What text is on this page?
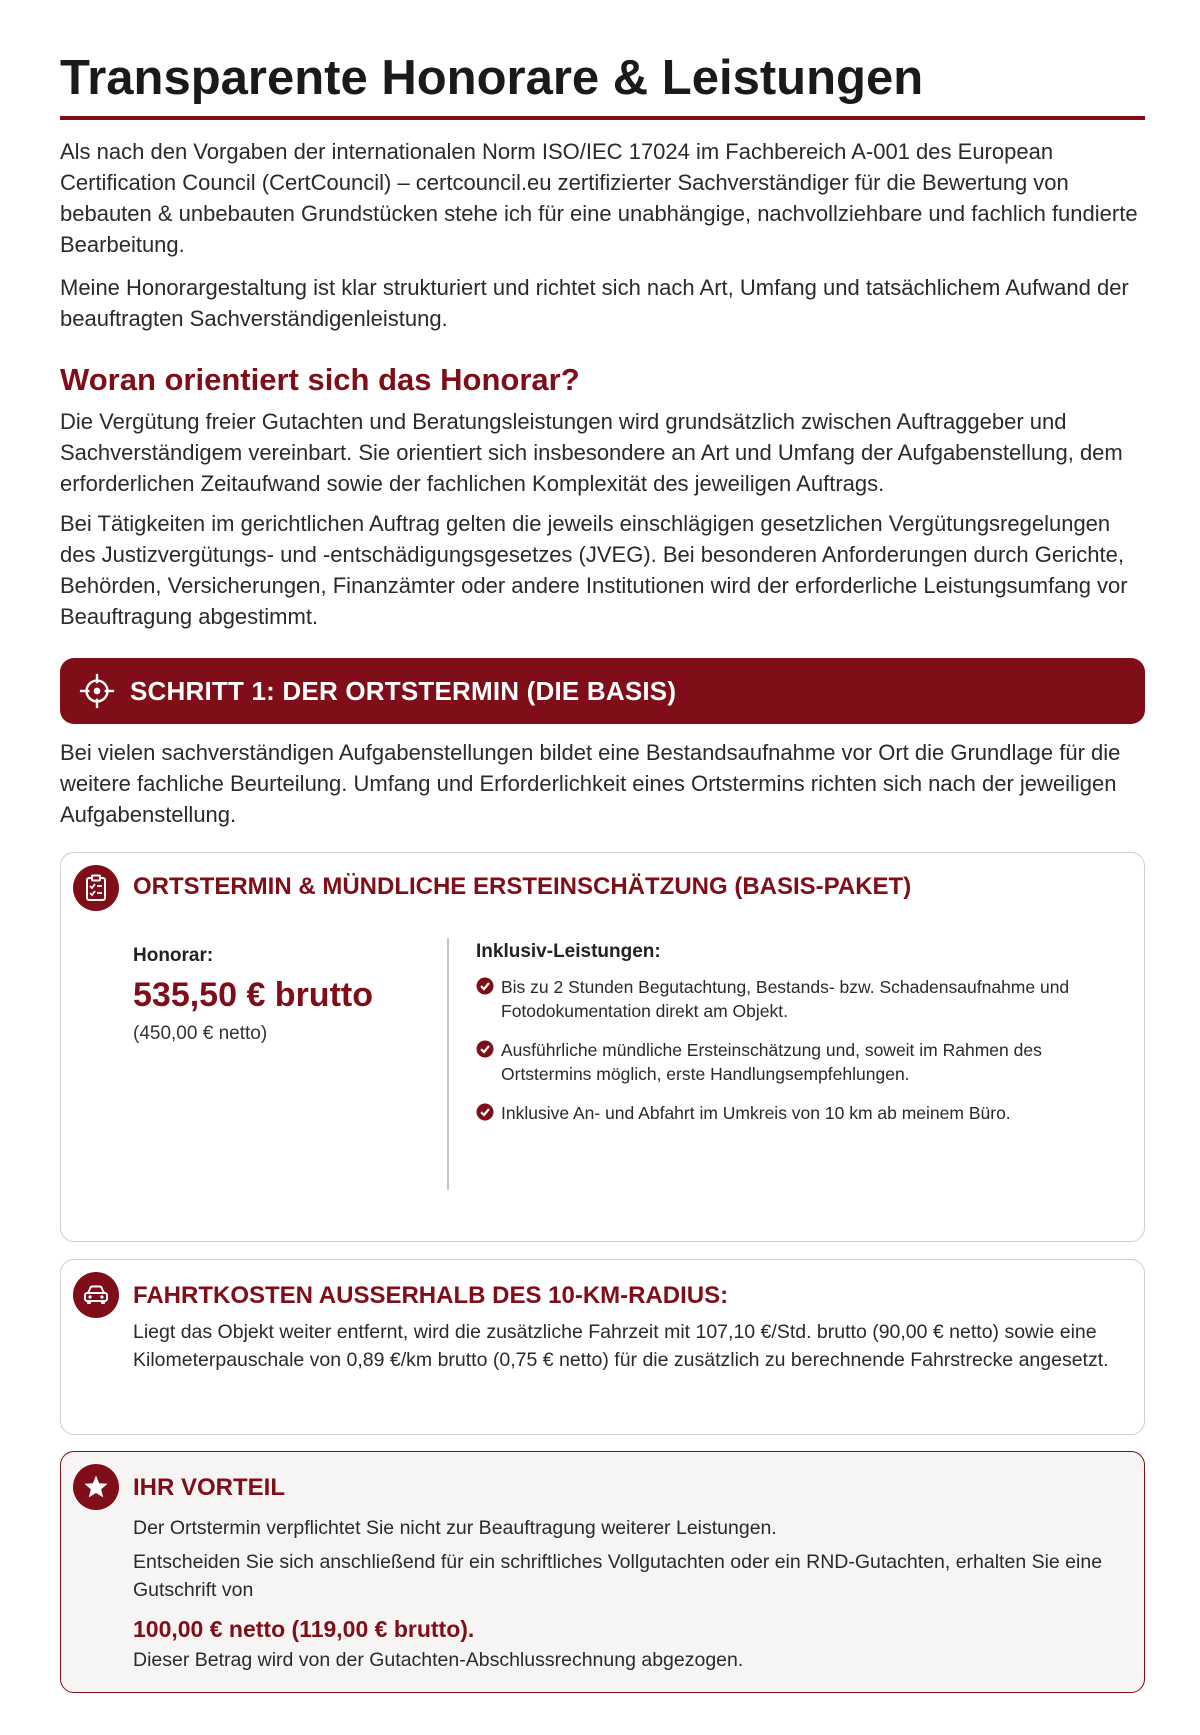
Transparente Honorare & Leistungen

Als nach den Vorgaben der internationalen Norm ISO/IEC 17024 im Fachbereich A-001 des European Certification Council (CertCouncil) – certcouncil.eu zertifizierter Sachverständiger für die Bewertung von bebauten & unbebauten Grundstücken stehe ich für eine unabhängige, nachvollziehbare und fachlich fundierte Bearbeitung.

Meine Honorargestaltung ist klar strukturiert und richtet sich nach Art, Umfang und tatsächlichem Aufwand der beauftragten Sachverständigenleistung.

Woran orientiert sich das Honorar?

Die Vergütung freier Gutachten und Beratungsleistungen wird grundsätzlich zwischen Auftraggeber und Sachverständigem vereinbart. Sie orientiert sich insbesondere an Art und Umfang der Aufgabenstellung, dem erforderlichen Zeitaufwand sowie der fachlichen Komplexität des jeweiligen Auftrags.

Bei Tätigkeiten im gerichtlichen Auftrag gelten die jeweils einschlägigen gesetzlichen Vergütungsregelungen des Justizvergütungs- und -entschädigungsgesetzes (JVEG). Bei besonderen Anforderungen durch Gerichte, Behörden, Versicherungen, Finanzämter oder andere Institutionen wird der erforderliche Leistungsumfang vor Beauftragung abgestimmt.

SCHRITT 1: DER ORTSTERMIN (DIE BASIS)

Bei vielen sachverständigen Aufgabenstellungen bildet eine Bestandsaufnahme vor Ort die Grundlage für die weitere fachliche Beurteilung. Umfang und Erforderlichkeit eines Ortstermins richten sich nach der jeweiligen Aufgabenstellung.

ORTSTERMIN & MÜNDLICHE ERSTEINSCHÄTZUNG (BASIS-PAKET)
Honorar:
535,50 € brutto
(450,00 € netto)
Inklusiv-Leistungen:
Bis zu 2 Stunden Begutachtung, Bestands- bzw. Schadensaufnahme und Fotodokumentation direkt am Objekt.
Ausführliche mündliche Ersteinschätzung und, soweit im Rahmen des Ortstermins möglich, erste Handlungsempfehlungen.
Inklusive An- und Abfahrt im Umkreis von 10 km ab meinem Büro.
FAHRTKOSTEN AUSSERHALB DES 10-KM-RADIUS:
Liegt das Objekt weiter entfernt, wird die zusätzliche Fahrzeit mit 107,10 €/Std. brutto (90,00 € netto) sowie eine Kilometerpauschale von 0,89 €/km brutto (0,75 € netto) für die zusätzlich zu berechnende Fahrstrecke angesetzt.
IHR VORTEIL

Der Ortstermin verpflichtet Sie nicht zur Beauftragung weiterer Leistungen.

Entscheiden Sie sich anschließend für ein schriftliches Vollgutachten oder ein RND-Gutachten, erhalten Sie eine Gutschrift von

100,00 € netto (119,00 € brutto).

Dieser Betrag wird von der Gutachten-Abschlussrechnung abgezogen.
